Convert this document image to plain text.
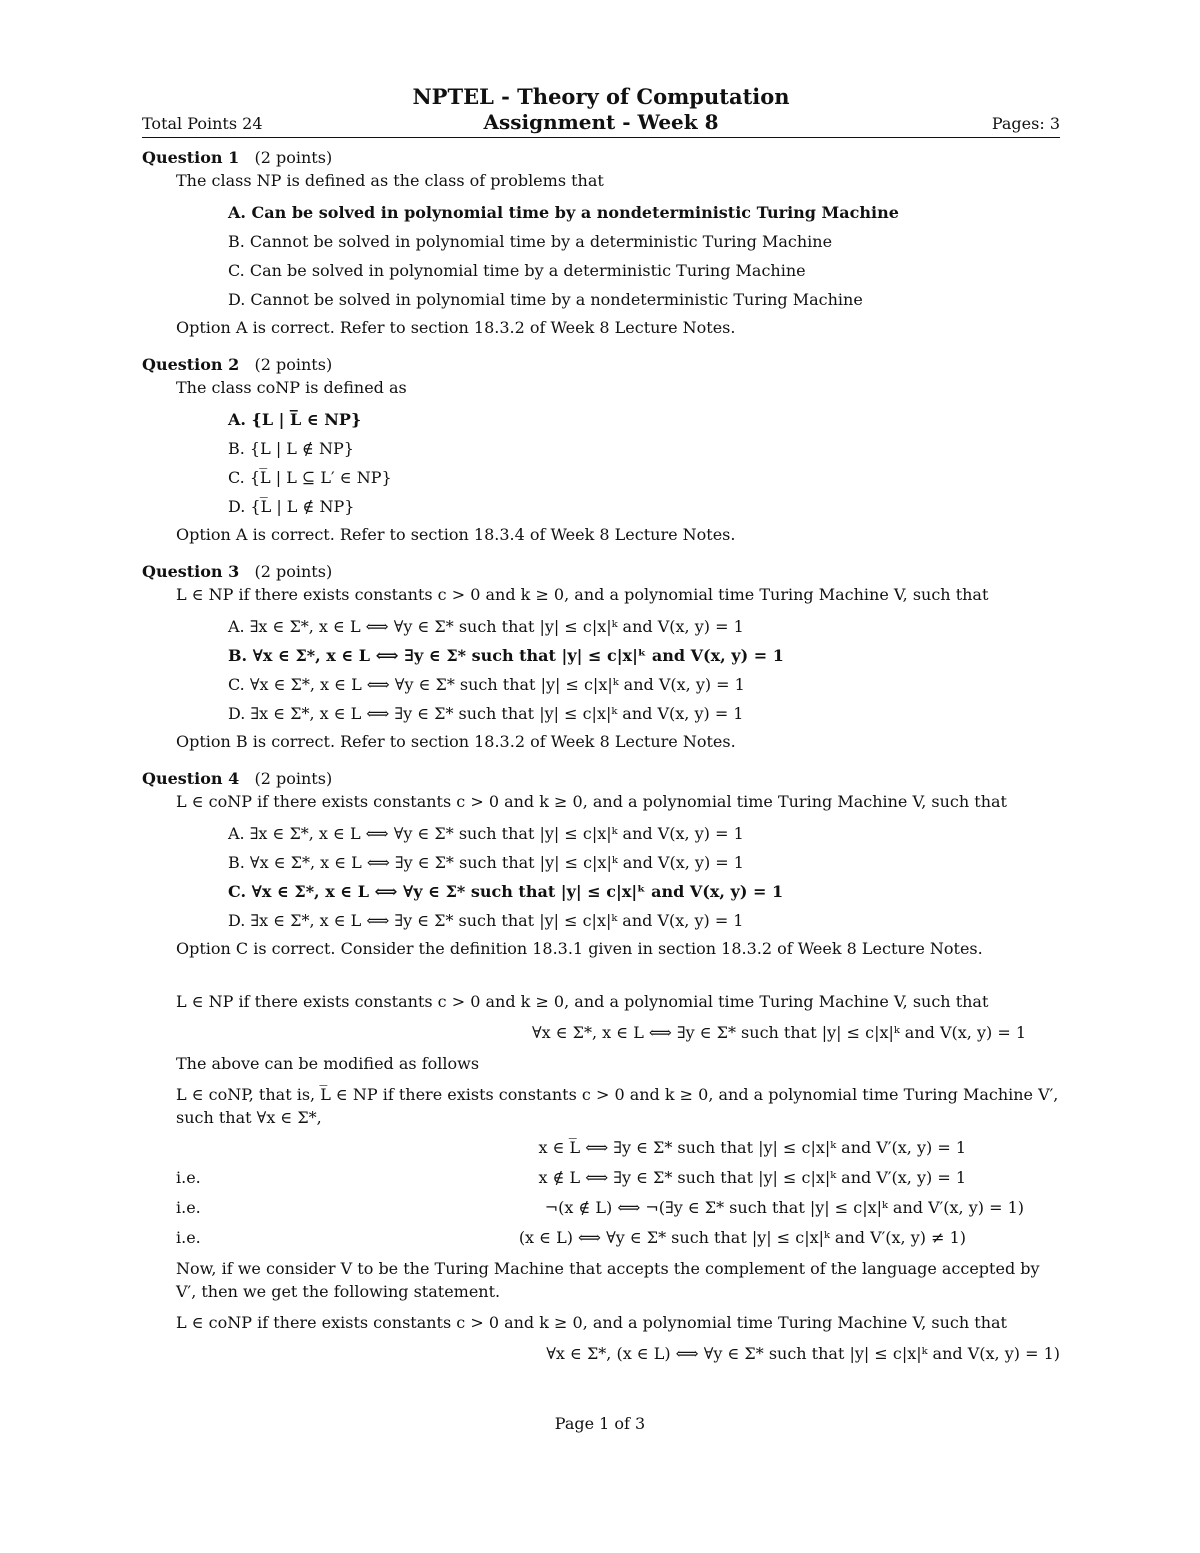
NPTEL - Theory of Computation
Total Points 24	Assignment - Week 8	Pages: 3
Question 1 (2 points)
The class NP is defined as the class of problems that
A. Can be solved in polynomial time by a nondeterministic Turing Machine
B. Cannot be solved in polynomial time by a deterministic Turing Machine
C. Can be solved in polynomial time by a deterministic Turing Machine
D. Cannot be solved in polynomial time by a nondeterministic Turing Machine
Option A is correct. Refer to section 18.3.2 of Week 8 Lecture Notes.
Question 2 (2 points)
The class coNP is defined as
A. {L | L̅ ∈ NP}
B. {L | L ∉ NP}
C. {L̅ | L ⊆ L′ ∈ NP}
D. {L̅ | L ∉ NP}
Option A is correct. Refer to section 18.3.4 of Week 8 Lecture Notes.
Question 3 (2 points)
L ∈ NP if there exists constants c > 0 and k ≥ 0, and a polynomial time Turing Machine V, such that
A. ∃x ∈ Σ*, x ∈ L ⟺ ∀y ∈ Σ* such that |y| ≤ c|x|ᵏ and V(x, y) = 1
B. ∀x ∈ Σ*, x ∈ L ⟺ ∃y ∈ Σ* such that |y| ≤ c|x|ᵏ and V(x, y) = 1
C. ∀x ∈ Σ*, x ∈ L ⟺ ∀y ∈ Σ* such that |y| ≤ c|x|ᵏ and V(x, y) = 1
D. ∃x ∈ Σ*, x ∈ L ⟺ ∃y ∈ Σ* such that |y| ≤ c|x|ᵏ and V(x, y) = 1
Option B is correct. Refer to section 18.3.2 of Week 8 Lecture Notes.
Question 4 (2 points)
L ∈ coNP if there exists constants c > 0 and k ≥ 0, and a polynomial time Turing Machine V, such that
A. ∃x ∈ Σ*, x ∈ L ⟺ ∀y ∈ Σ* such that |y| ≤ c|x|ᵏ and V(x, y) = 1
B. ∀x ∈ Σ*, x ∈ L ⟺ ∃y ∈ Σ* such that |y| ≤ c|x|ᵏ and V(x, y) = 1
C. ∀x ∈ Σ*, x ∈ L ⟺ ∀y ∈ Σ* such that |y| ≤ c|x|ᵏ and V(x, y) = 1
D. ∃x ∈ Σ*, x ∈ L ⟺ ∃y ∈ Σ* such that |y| ≤ c|x|ᵏ and V(x, y) = 1
Option C is correct. Consider the definition 18.3.1 given in section 18.3.2 of Week 8 Lecture Notes.

L ∈ NP if there exists constants c > 0 and k ≥ 0, and a polynomial time Turing Machine V, such that

∀x ∈ Σ*, x ∈ L ⟺ ∃y ∈ Σ* such that |y| ≤ c|x|ᵏ and V(x, y) = 1

The above can be modified as follows

L ∈ coNP, that is, L̅ ∈ NP if there exists constants c > 0 and k ≥ 0, and a polynomial time Turing Machine V′, such that ∀x ∈ Σ*,

x ∈ L̅ ⟺ ∃y ∈ Σ* such that |y| ≤ c|x|ᵏ and V′(x, y) = 1
i.e.	x ∉ L ⟺ ∃y ∈ Σ* such that |y| ≤ c|x|ᵏ and V′(x, y) = 1
i.e.	¬(x ∉ L) ⟺ ¬(∃y ∈ Σ* such that |y| ≤ c|x|ᵏ and V′(x, y) = 1)
i.e.	(x ∈ L) ⟺ ∀y ∈ Σ* such that |y| ≤ c|x|ᵏ and V′(x, y) ≠ 1)

Now, if we consider V to be the Turing Machine that accepts the complement of the language accepted by V′, then we get the following statement.

L ∈ coNP if there exists constants c > 0 and k ≥ 0, and a polynomial time Turing Machine V, such that

∀x ∈ Σ*, (x ∈ L) ⟺ ∀y ∈ Σ* such that |y| ≤ c|x|ᵏ and V(x, y) = 1)
Page 1 of 3
